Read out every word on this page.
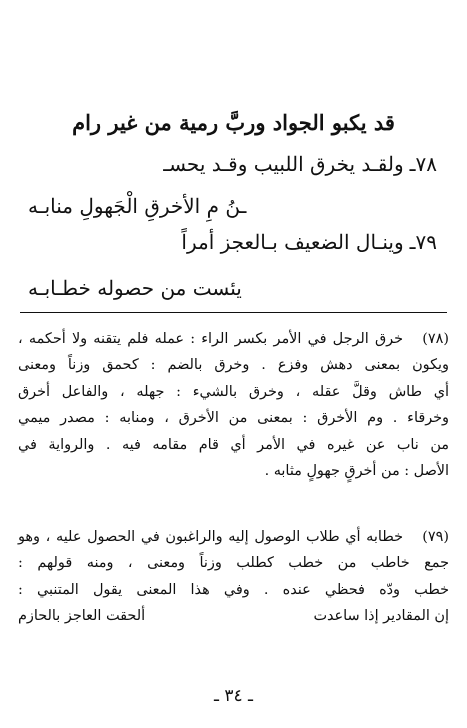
قد يكبو الجواد وربَّ رمية من غير رام
٧٨ـولقـد يخرق اللبيب وقـد يحسـ
ـنُ مِ الأخرقِ الْجَهولِ منابـه
٧٩ـوينـال الضعيف بـالعجز أمراً
يئست من حصوله خطـابـه
(٧٨)
خرق الرجل في الأمر بكسر الراء : عمله فلم يتقنه ولا أحكمه ،
ويكون بمعنى دهش وفزع . وخرق بالضم : كحمق وزناً ومعنى
أي طاش وقلَّ عقله ، وخرق بالشيء : جهله ، والفاعل أخرق
وخرقاء . وم الأخرق : بمعنى من الأخرق ، ومنابه : مصدر ميمي
من ناب عن غيره في الأمر أي قام مقامه فيه . والرواية في
الأصل : من أخرقٍ جهولٍ مثابه .
(٧٩)
خطابه أي طلاب الوصول إليه والراغبون في الحصول عليه ، وهو
جمع خاطب من خطب كطلب وزناً ومعنى ، ومنه قولهم :
خطب ودّه فحظي عنده . وفي هذا المعنى يقول المتنبي :
إن المقادير إذا ساعدت
ألحقت العاجز بالحازم
ـ ٣٤ ـ
